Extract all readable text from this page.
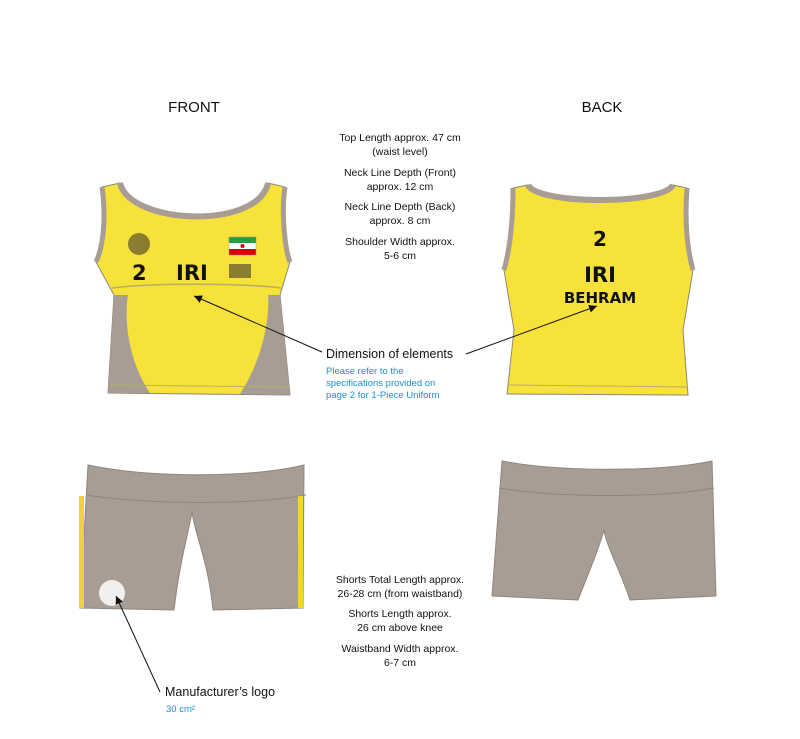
FRONT	BACK
Top Length approx. 47 cm
(waist level)
Neck Line Depth (Front)
approx. 12 cm
Neck Line Depth (Back)
approx. 8 cm
Shoulder Width approx.
5-6 cm
Dimension of elements
Please refer to the
specifications provided on
page 2 for 1-Piece Uniform
Shorts Total Length approx.
26-28 cm (from waistband)
Shorts Length approx.
26 cm above knee
Waistband Width approx.
6-7 cm
Manufacturer’s logo
30 cm²
2 IRI
2
IRI
BEHRAM
